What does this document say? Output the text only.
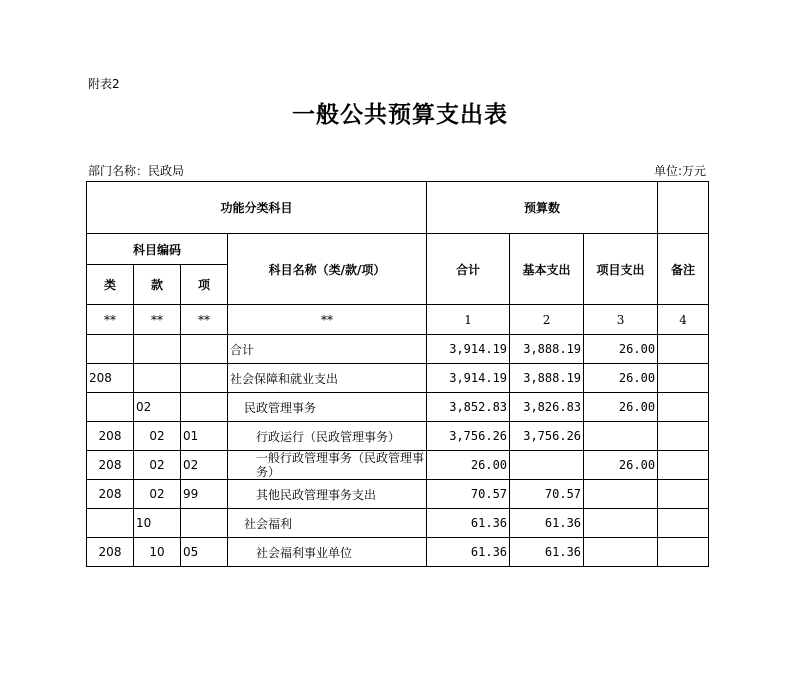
附表2
一般公共预算支出表
部门名称：民政局	单位:万元
功能分类科目				预算数			
科目编码			科目名称（类/款/项）	合计	基本支出	项目支出	备注
类	款	项					
**	**	**	**	1	2	3	4
			合计	3,914.19	3,888.19	26.00	
208			社会保障和就业支出	3,914.19	3,888.19	26.00	
	02		民政管理事务	3,852.83	3,826.83	26.00	
208	02	01	行政运行（民政管理事务）	3,756.26	3,756.26		
208	02	02	一般行政管理事务（民政管理事务）	26.00		26.00	
208	02	99	其他民政管理事务支出	70.57	70.57		
	10		社会福利	61.36	61.36		
208	10	05	社会福利事业单位	61.36	61.36		
